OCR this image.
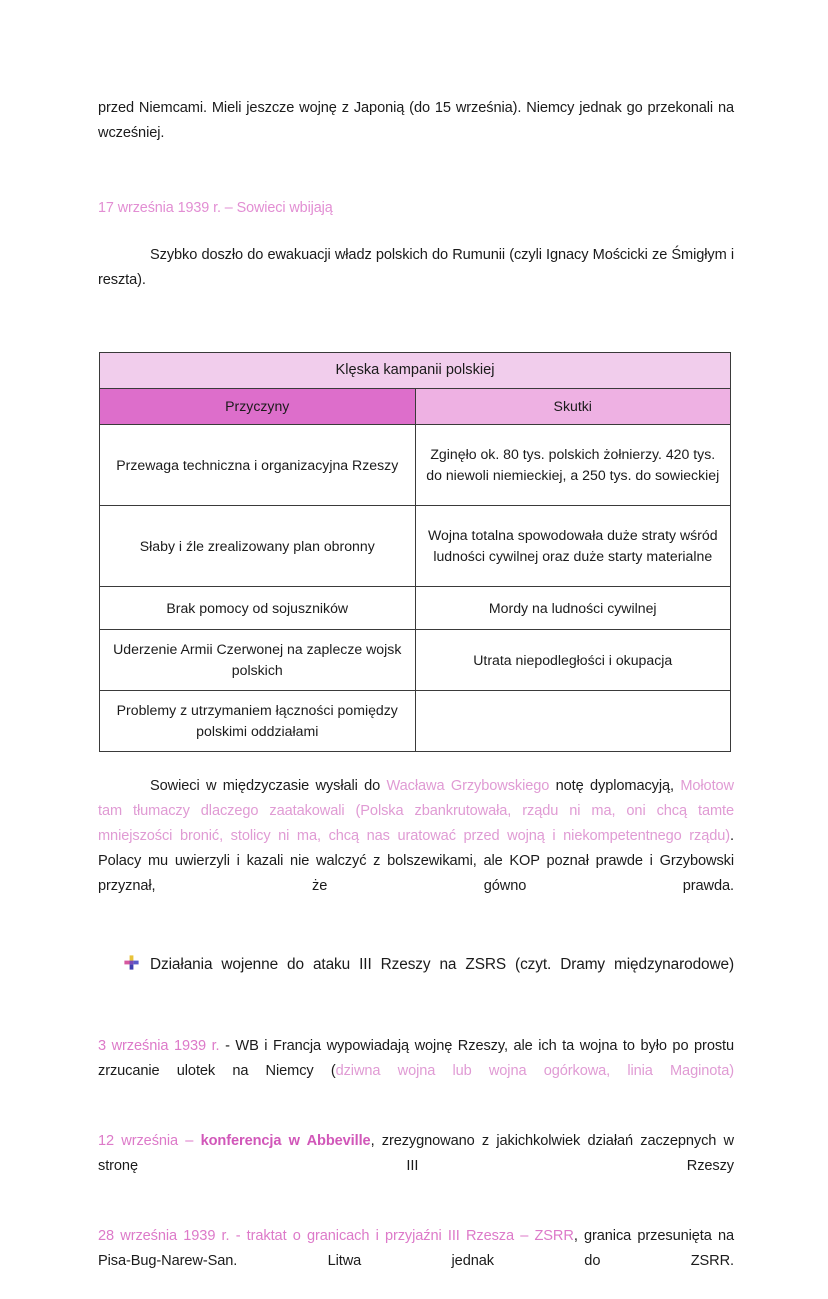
przed Niemcami. Mieli jeszcze wojnę z Japonią (do 15 września). Niemcy jednak go przekonali na wcześniej.

17 września 1939 r. – Sowieci wbijają

Szybko doszło do ewakuacji władz polskich do Rumunii (czyli Ignacy Mościcki ze Śmigłym i reszta).

Klęska kampanii polskiej	
Przyczyny	Skutki
Przewaga techniczna i organizacyjna Rzeszy	Zginęło ok. 80 tys. polskich żołnierzy. 420 tys. do niewoli niemieckiej, a 250 tys. do sowieckiej
Słaby i źle zrealizowany plan obronny	Wojna totalna spowodowała duże straty wśród ludności cywilnej oraz duże starty materialne
Brak pomocy od sojuszników	Mordy na ludności cywilnej
Uderzenie Armii Czerwonej na zaplecze wojsk polskich	Utrata niepodległości i okupacja
Problemy z utrzymaniem łączności pomiędzy polskimi oddziałami	

Sowieci w międzyczasie wysłali do Wacława Grzybowskiego notę dyplomacyją, Mołotow tam tłumaczy dlaczego zaatakowali (Polska zbankrutowała, rządu ni ma, oni chcą tamte mniejszości bronić, stolicy ni ma, chcą nas uratować przed wojną i niekompetentnego rządu). Polacy mu uwierzyli i kazali nie walczyć z bolszewikami, ale KOP poznał prawde i Grzybowski przyznał, że gówno prawda.

Działania wojenne do ataku III Rzeszy na ZSRS (czyt. Dramy międzynarodowe)

3 września 1939 r. - WB i Francja wypowiadają wojnę Rzeszy, ale ich ta wojna to było po prostu zrzucanie ulotek na Niemcy (dziwna wojna lub wojna ogórkowa, linia Maginota)

12 września – konferencja w Abbeville, zrezygnowano z jakichkolwiek działań zaczepnych w stronę III Rzeszy

28 września 1939 r. - traktat o granicach i przyjaźni III Rzesza – ZSRR, granica przesunięta na Pisa-Bug-Narew-San. Litwa jednak do ZSRR.
